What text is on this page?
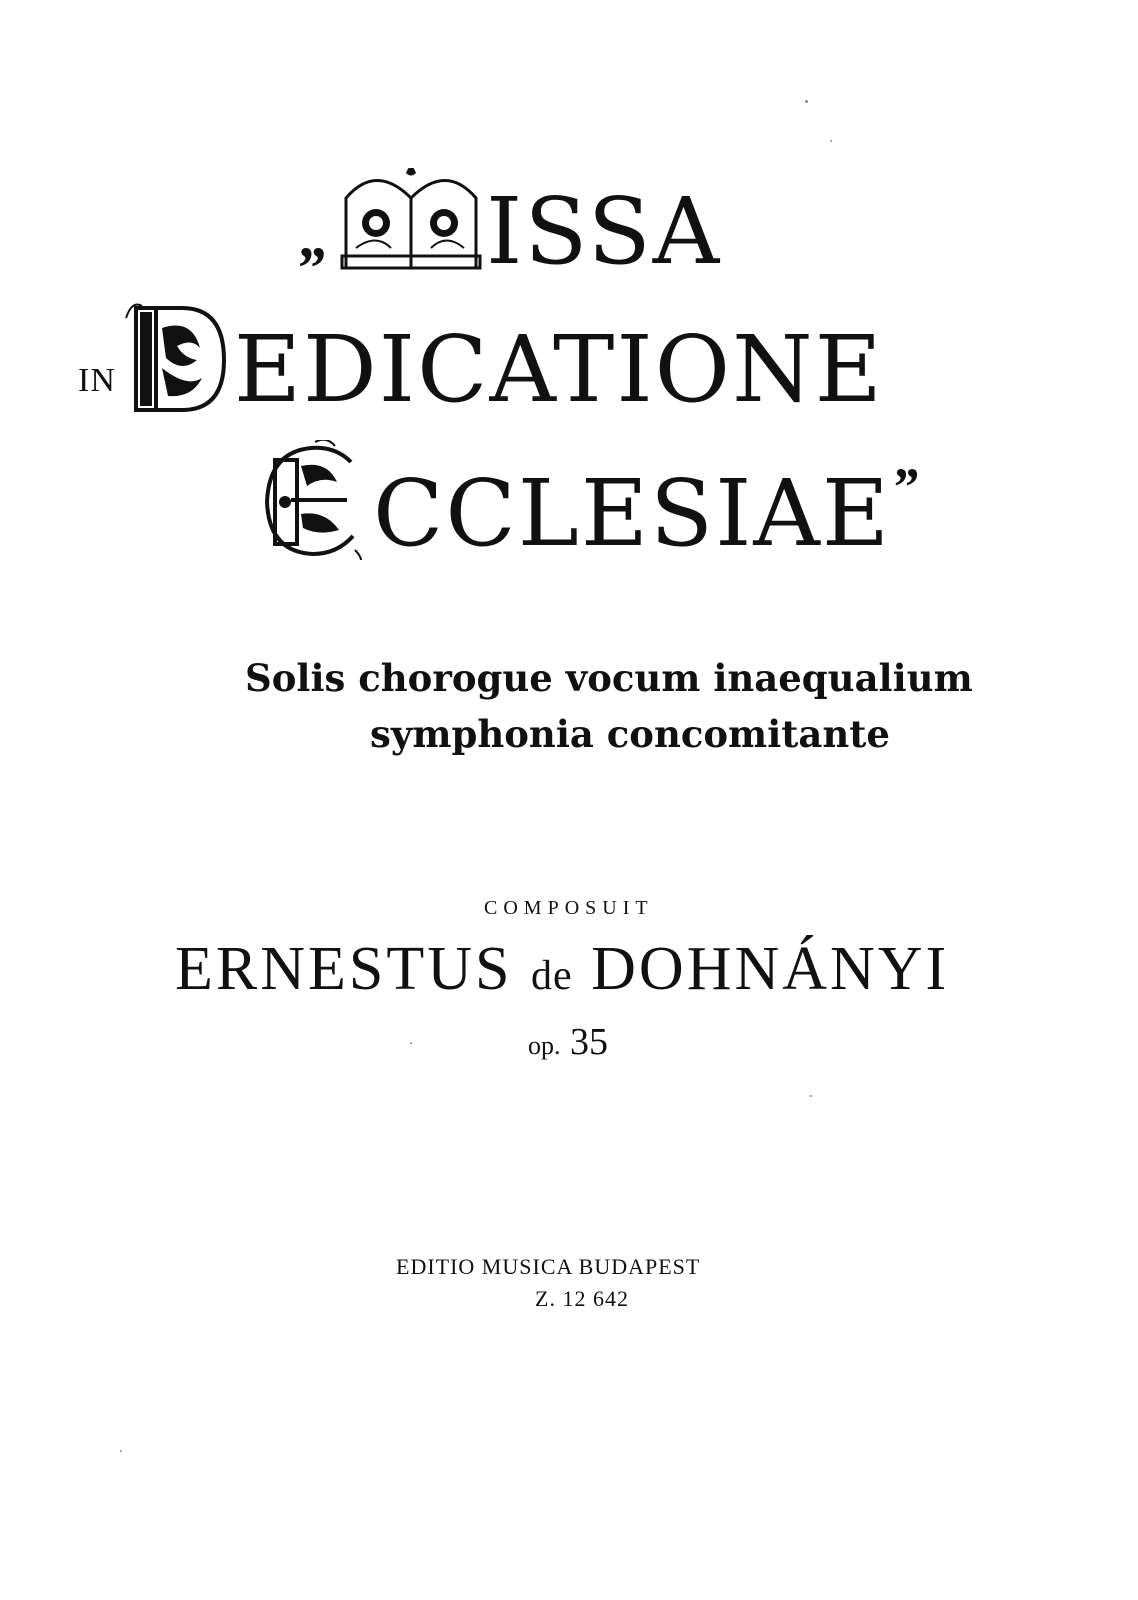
„ ISSA
IN EDICATIONE
CCLESIAE”
Solis chorogue vocum inaequalium
symphonia concomitante
COMPOSUIT
ERNESTUS de DOHNÁNYI
op. 35
EDITIO MUSICA BUDAPEST
Z. 12 642
